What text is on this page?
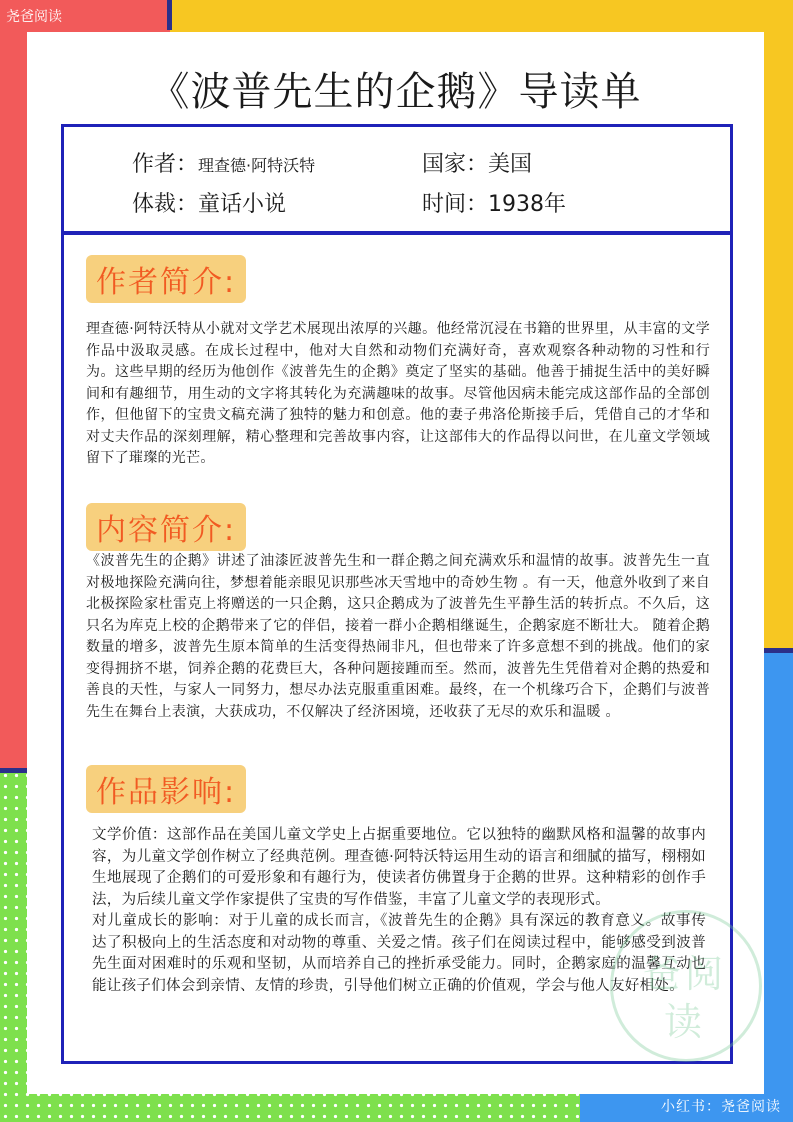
尧爸阅读
《波普先生的企鹅》导读单
作者：理查德·阿特沃特	国家：美国
体裁：童话小说	时间：1938年
作者简介:
理查德·阿特沃特从小就对文学艺术展现出浓厚的兴趣。他经常沉浸在书籍的世界里，从丰富的文学作品中汲取灵感。在成长过程中，他对大自然和动物们充满好奇，喜欢观察各种动物的习性和行为。这些早期的经历为他创作《波普先生的企鹅》奠定了坚实的基础。他善于捕捉生活中的美好瞬间和有趣细节，用生动的文字将其转化为充满趣味的故事。尽管他因病未能完成这部作品的全部创作，但他留下的宝贵文稿充满了独特的魅力和创意。他的妻子弗洛伦斯接手后，凭借自己的才华和对丈夫作品的深刻理解，精心整理和完善故事内容，让这部伟大的作品得以问世，在儿童文学领域留下了璀璨的光芒。
内容简介:
《波普先生的企鹅》讲述了油漆匠波普先生和一群企鹅之间充满欢乐和温情的故事。波普先生一直对极地探险充满向往，梦想着能亲眼见识那些冰天雪地中的奇妙生物 。有一天，他意外收到了来自北极探险家杜雷克上将赠送的一只企鹅，这只企鹅成为了波普先生平静生活的转折点。不久后，这只名为库克上校的企鹅带来了它的伴侣，接着一群小企鹅相继诞生，企鹅家庭不断壮大。 随着企鹅数量的增多，波普先生原本简单的生活变得热闹非凡，但也带来了许多意想不到的挑战。他们的家变得拥挤不堪，饲养企鹅的花费巨大，各种问题接踵而至。然而，波普先生凭借着对企鹅的热爱和善良的天性，与家人一同努力，想尽办法克服重重困难。最终，在一个机缘巧合下，企鹅们与波普先生在舞台上表演，大获成功，不仅解决了经济困境，还收获了无尽的欢乐和温暖 。
作品影响:
文学价值：这部作品在美国儿童文学史上占据重要地位。它以独特的幽默风格和温馨的故事内容，为儿童文学创作树立了经典范例。理查德·阿特沃特运用生动的语言和细腻的描写，栩栩如生地展现了企鹅们的可爱形象和有趣行为，使读者仿佛置身于企鹅的世界。这种精彩的创作手法，为后续儿童文学作家提供了宝贵的写作借鉴，丰富了儿童文学的表现形式。
对儿童成长的影响：对于儿童的成长而言，《波普先生的企鹅》具有深远的教育意义。故事传达了积极向上的生活态度和对动物的尊重、关爱之情。孩子们在阅读过程中，能够感受到波普先生面对困难时的乐观和坚韧，从而培养自己的挫折承受能力。同时，企鹅家庭的温馨互动也能让孩子们体会到亲情、友情的珍贵，引导他们树立正确的价值观，学会与他人友好相处。
爸阅读
小红书：尧爸阅读
